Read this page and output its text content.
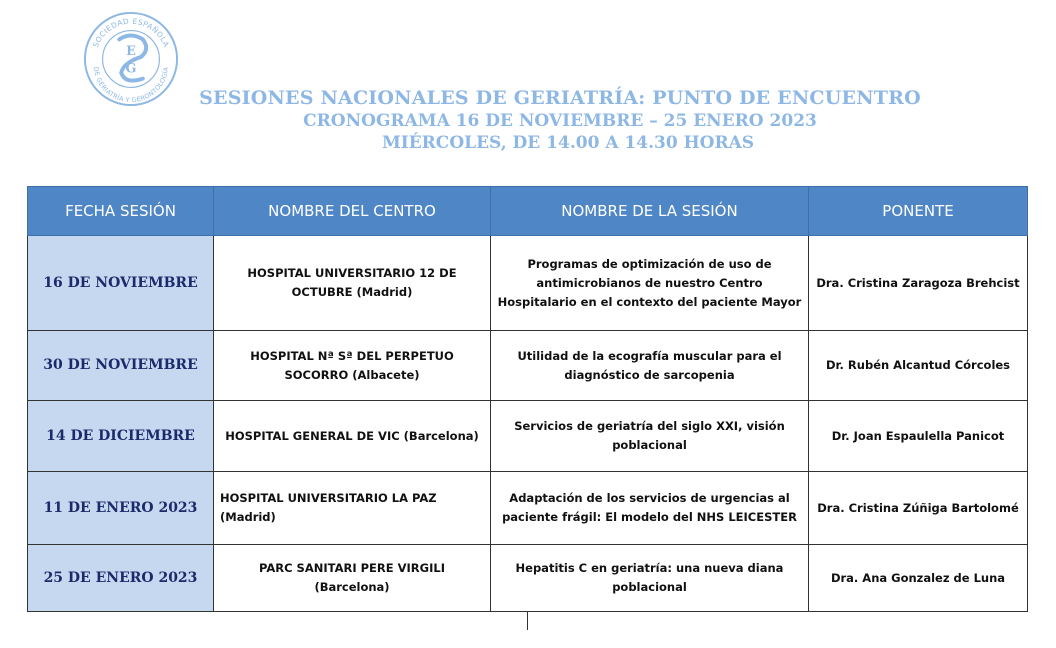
SOCIEDAD ESPAÑOLA
DE GERIATRÍA Y GERONTOLOGÍA
E
G
SESIONES NACIONALES DE GERIATRÍA: PUNTO DE ENCUENTRO
CRONOGRAMA 16 DE NOVIEMBRE – 25 ENERO 2023
MIÉRCOLES, DE 14.00 A 14.30 HORAS
FECHA SESIÓN	NOMBRE DEL CENTRO	NOMBRE DE LA SESIÓN	PONENTE
16 DE NOVIEMBRE	HOSPITAL UNIVERSITARIO 12 DE OCTUBRE (Madrid)	Programas de optimización de uso de antimicrobianos de nuestro Centro Hospitalario en el contexto del paciente Mayor	Dra. Cristina Zaragoza Brehcist
30 DE NOVIEMBRE	HOSPITAL Nª Sª DEL PERPETUO SOCORRO (Albacete)	Utilidad de la ecografía muscular para el diagnóstico de sarcopenia	Dr. Rubén Alcantud Córcoles
14 DE DICIEMBRE	HOSPITAL GENERAL DE VIC (Barcelona)	Servicios de geriatría del siglo XXI, visión poblacional	Dr. Joan Espaulella Panicot
11 DE ENERO 2023	HOSPITAL UNIVERSITARIO LA PAZ (Madrid)	Adaptación de los servicios de urgencias al paciente frágil: El modelo del NHS LEICESTER	Dra. Cristina Zúñiga Bartolomé
25 DE ENERO 2023	PARC SANITARI PERE VIRGILI (Barcelona)	Hepatitis C en geriatría: una nueva diana poblacional	Dra. Ana Gonzalez de Luna
